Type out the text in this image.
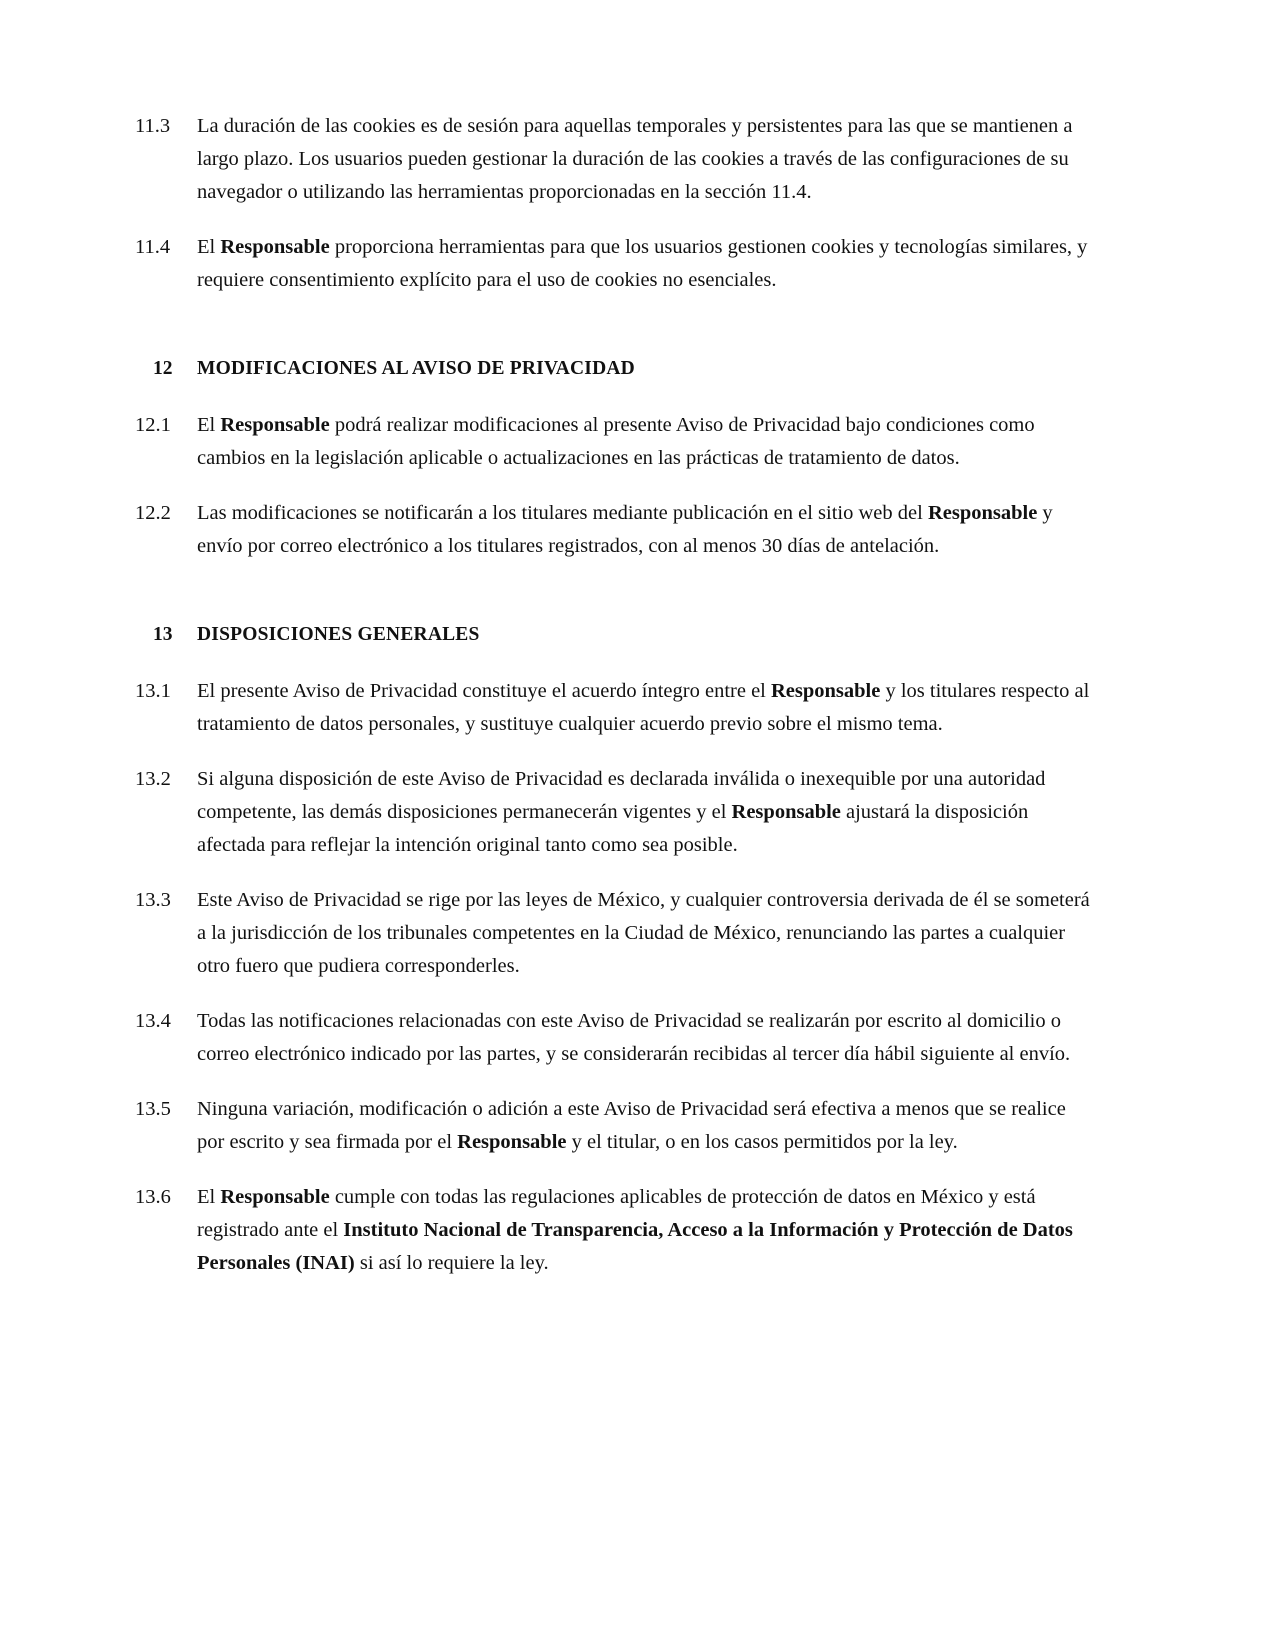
11.3	La duración de las cookies es de sesión para aquellas temporales y persistentes para las que se mantienen a largo plazo. Los usuarios pueden gestionar la duración de las cookies a través de las configuraciones de su navegador o utilizando las herramientas proporcionadas en la sección 11.4.
11.4	El Responsable proporciona herramientas para que los usuarios gestionen cookies y tecnologías similares, y requiere consentimiento explícito para el uso de cookies no esenciales.
12	MODIFICACIONES AL AVISO DE PRIVACIDAD
12.1	El Responsable podrá realizar modificaciones al presente Aviso de Privacidad bajo condiciones como cambios en la legislación aplicable o actualizaciones en las prácticas de tratamiento de datos.
12.2	Las modificaciones se notificarán a los titulares mediante publicación en el sitio web del Responsable y envío por correo electrónico a los titulares registrados, con al menos 30 días de antelación.
13	DISPOSICIONES GENERALES
13.1	El presente Aviso de Privacidad constituye el acuerdo íntegro entre el Responsable y los titulares respecto al tratamiento de datos personales, y sustituye cualquier acuerdo previo sobre el mismo tema.
13.2	Si alguna disposición de este Aviso de Privacidad es declarada inválida o inexequible por una autoridad competente, las demás disposiciones permanecerán vigentes y el Responsable ajustará la disposición afectada para reflejar la intención original tanto como sea posible.
13.3	Este Aviso de Privacidad se rige por las leyes de México, y cualquier controversia derivada de él se someterá a la jurisdicción de los tribunales competentes en la Ciudad de México, renunciando las partes a cualquier otro fuero que pudiera corresponderles.
13.4	Todas las notificaciones relacionadas con este Aviso de Privacidad se realizarán por escrito al domicilio o correo electrónico indicado por las partes, y se considerarán recibidas al tercer día hábil siguiente al envío.
13.5	Ninguna variación, modificación o adición a este Aviso de Privacidad será efectiva a menos que se realice por escrito y sea firmada por el Responsable y el titular, o en los casos permitidos por la ley.
13.6	El Responsable cumple con todas las regulaciones aplicables de protección de datos en México y está registrado ante el Instituto Nacional de Transparencia, Acceso a la Información y Protección de Datos Personales (INAI) si así lo requiere la ley.
